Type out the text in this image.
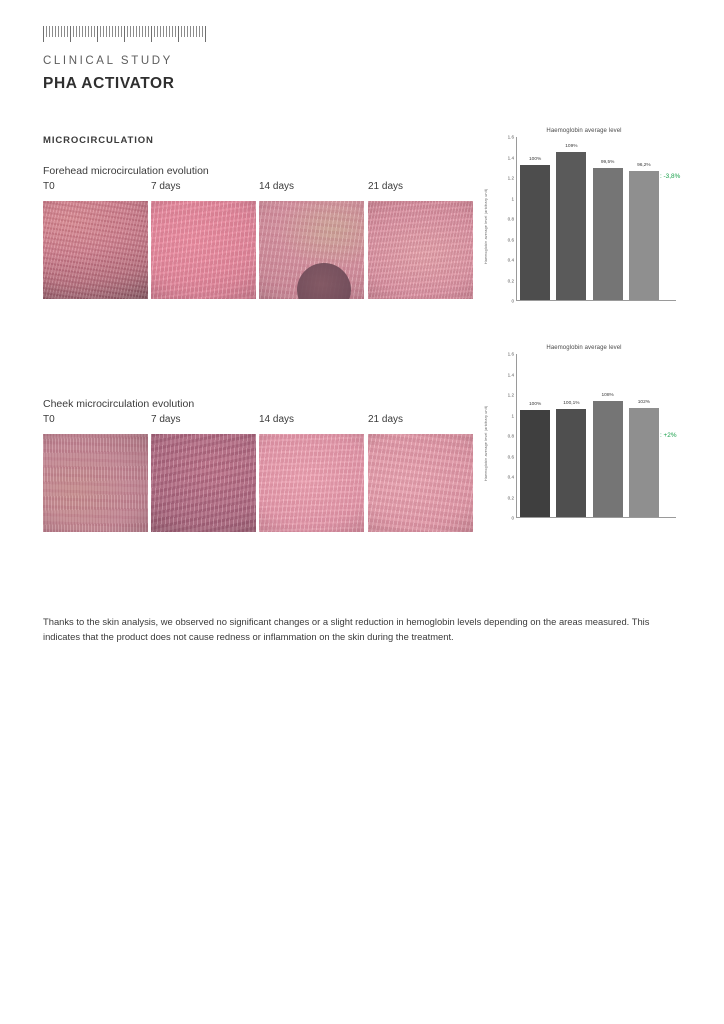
CLINICAL STUDY
PHA ACTIVATOR
MICROCIRCULATION
Forehead microcirculation evolution
T0	7 days	14 days	21 days
Cheek microcirculation evolution
T0	7 days	14 days	21 days
Haemoglobin average level
Haemoglobin average level (arbitrary unit)
0
0.2
0.4
0.6
0.8
1
1.2
1.4
1.6
100%
109%
99,5%
96,2%
: -3,8%
Haemoglobin average level
Haemoglobin average level (arbitrary unit)
0
0.2
0.4
0.6
0.8
1
1.2
1.4
1.6
100%	100,1%
108%
102%
: +2%
Thanks to the skin analysis, we observed no significant changes or a slight reduction in hemoglobin levels depending on the areas measured. This indicates that the product does not cause redness or inflammation on the skin during the treatment.
